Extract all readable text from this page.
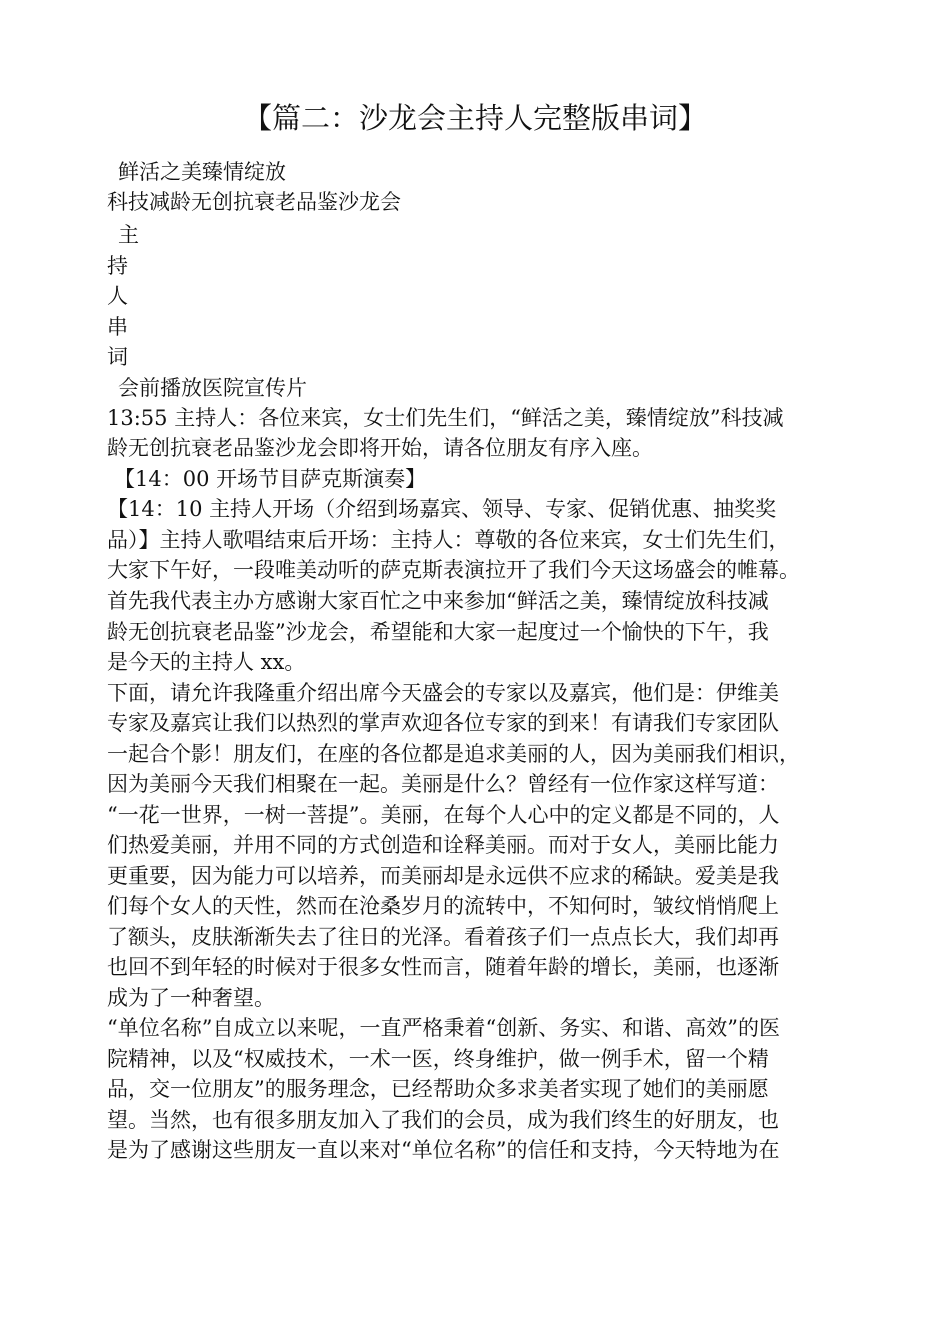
【篇二：沙龙会主持人完整版串词】
鲜活之美臻情绽放
科技减龄无创抗衰老品鉴沙龙会
主
持
人
串
词
会前播放医院宣传片
13:55 主持人：各位来宾，女士们先生们，“鲜活之美，臻情绽放”科技减
龄无创抗衰老品鉴沙龙会即将开始，请各位朋友有序入座。
【14：00 开场节目萨克斯演奏】
【14：10 主持人开场（介绍到场嘉宾、领导、专家、促销优惠、抽奖奖
品）】主持人歌唱结束后开场：主持人：尊敬的各位来宾，女士们先生们，
大家下午好，一段唯美动听的萨克斯表演拉开了我们今天这场盛会的帷幕。
首先我代表主办方感谢大家百忙之中来参加“鲜活之美，臻情绽放科技减
龄无创抗衰老品鉴”沙龙会，希望能和大家一起度过一个愉快的下午，我
是今天的主持人 xx。
下面，请允许我隆重介绍出席今天盛会的专家以及嘉宾，他们是：伊维美
专家及嘉宾让我们以热烈的掌声欢迎各位专家的到来！有请我们专家团队
一起合个影！朋友们，在座的各位都是追求美丽的人，因为美丽我们相识，
因为美丽今天我们相聚在一起。美丽是什么？曾经有一位作家这样写道：
“一花一世界，一树一菩提”。美丽，在每个人心中的定义都是不同的，人
们热爱美丽，并用不同的方式创造和诠释美丽。而对于女人，美丽比能力
更重要，因为能力可以培养，而美丽却是永远供不应求的稀缺。爱美是我
们每个女人的天性，然而在沧桑岁月的流转中，不知何时，皱纹悄悄爬上
了额头，皮肤渐渐失去了往日的光泽。看着孩子们一点点长大，我们却再
也回不到年轻的时候对于很多女性而言，随着年龄的增长，美丽，也逐渐
成为了一种奢望。
“单位名称”自成立以来呢，一直严格秉着“创新、务实、和谐、高效”的医
院精神，以及“权威技术，一术一医，终身维护，做一例手术，留一个精
品，交一位朋友”的服务理念，已经帮助众多求美者实现了她们的美丽愿
望。当然，也有很多朋友加入了我们的会员，成为我们终生的好朋友，也
是为了感谢这些朋友一直以来对“单位名称”的信任和支持，今天特地为在
